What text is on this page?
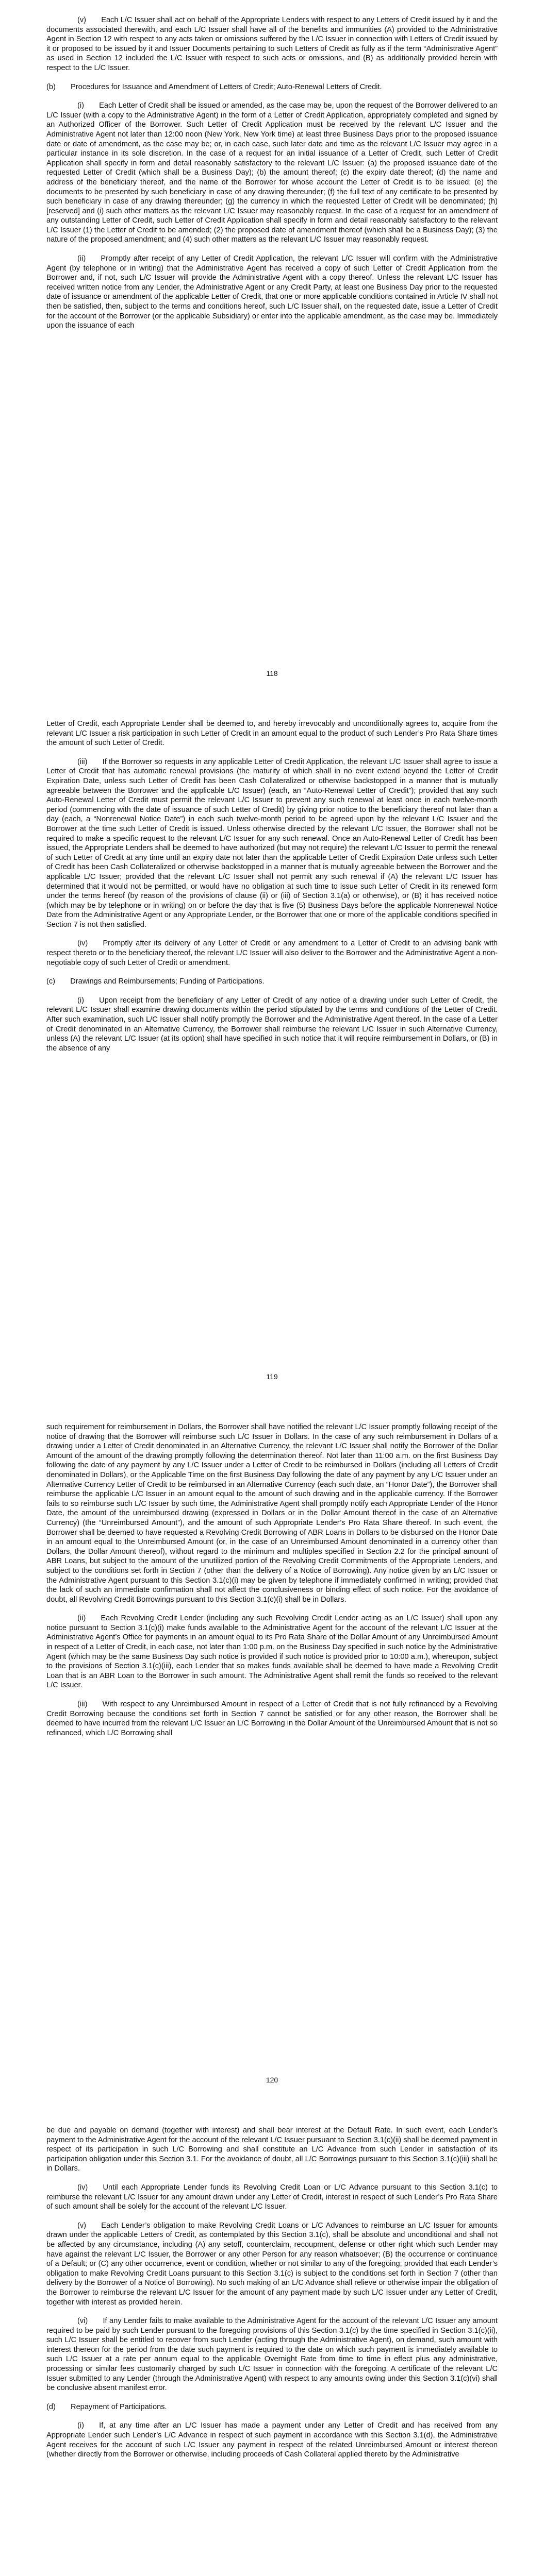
(v)  Each L/C Issuer shall act on behalf of the Appropriate Lenders with respect to any Letters of Credit issued by it and the documents associated therewith, and each L/C Issuer shall have all of the benefits and immunities (A) provided to the Administrative Agent in Section 12 with respect to any acts taken or omissions suffered by the L/C Issuer in connection with Letters of Credit issued by it or proposed to be issued by it and Issuer Documents pertaining to such Letters of Credit as fully as if the term “Administrative Agent” as used in Section 12 included the L/C Issuer with respect to such acts or omissions, and (B) as additionally provided herein with respect to the L/C Issuer.

(b)  Procedures for Issuance and Amendment of Letters of Credit; Auto-Renewal Letters of Credit.

(i)  Each Letter of Credit shall be issued or amended, as the case may be, upon the request of the Borrower delivered to an L/C Issuer (with a copy to the Administrative Agent) in the form of a Letter of Credit Application, appropriately completed and signed by an Authorized Officer of the Borrower. Such Letter of Credit Application must be received by the relevant L/C Issuer and the Administrative Agent not later than 12:00 noon (New York, New York time) at least three Business Days prior to the proposed issuance date or date of amendment, as the case may be; or, in each case, such later date and time as the relevant L/C Issuer may agree in a particular instance in its sole discretion. In the case of a request for an initial issuance of a Letter of Credit, such Letter of Credit Application shall specify in form and detail reasonably satisfactory to the relevant L/C Issuer: (a) the proposed issuance date of the requested Letter of Credit (which shall be a Business Day); (b) the amount thereof; (c) the expiry date thereof; (d) the name and address of the beneficiary thereof, and the name of the Borrower for whose account the Letter of Credit is to be issued; (e) the documents to be presented by such beneficiary in case of any drawing thereunder; (f) the full text of any certificate to be presented by such beneficiary in case of any drawing thereunder; (g) the currency in which the requested Letter of Credit will be denominated; (h) [reserved] and (i) such other matters as the relevant L/C Issuer may reasonably request. In the case of a request for an amendment of any outstanding Letter of Credit, such Letter of Credit Application shall specify in form and detail reasonably satisfactory to the relevant L/C Issuer (1) the Letter of Credit to be amended; (2) the proposed date of amendment thereof (which shall be a Business Day); (3) the nature of the proposed amendment; and (4) such other matters as the relevant L/C Issuer may reasonably request.

(ii)  Promptly after receipt of any Letter of Credit Application, the relevant L/C Issuer will confirm with the Administrative Agent (by telephone or in writing) that the Administrative Agent has received a copy of such Letter of Credit Application from the Borrower and, if not, such L/C Issuer will provide the Administrative Agent with a copy thereof. Unless the relevant L/C Issuer has received written notice from any Lender, the Administrative Agent or any Credit Party, at least one Business Day prior to the requested date of issuance or amendment of the applicable Letter of Credit, that one or more applicable conditions contained in Article IV shall not then be satisfied, then, subject to the terms and conditions hereof, such L/C Issuer shall, on the requested date, issue a Letter of Credit for the account of the Borrower (or the applicable Subsidiary) or enter into the applicable amendment, as the case may be. Immediately upon the issuance of each

118

Letter of Credit, each Appropriate Lender shall be deemed to, and hereby irrevocably and unconditionally agrees to, acquire from the relevant L/C Issuer a risk participation in such Letter of Credit in an amount equal to the product of such Lender’s Pro Rata Share times the amount of such Letter of Credit.

(iii)  If the Borrower so requests in any applicable Letter of Credit Application, the relevant L/C Issuer shall agree to issue a Letter of Credit that has automatic renewal provisions (the maturity of which shall in no event extend beyond the Letter of Credit Expiration Date, unless such Letter of Credit has been Cash Collateralized or otherwise backstopped in a manner that is mutually agreeable between the Borrower and the applicable L/C Issuer) (each, an “Auto-Renewal Letter of Credit”); provided that any such Auto-Renewal Letter of Credit must permit the relevant L/C Issuer to prevent any such renewal at least once in each twelve-month period (commencing with the date of issuance of such Letter of Credit) by giving prior notice to the beneficiary thereof not later than a day (each, a “Nonrenewal Notice Date”) in each such twelve-month period to be agreed upon by the relevant L/C Issuer and the Borrower at the time such Letter of Credit is issued. Unless otherwise directed by the relevant L/C Issuer, the Borrower shall not be required to make a specific request to the relevant L/C Issuer for any such renewal. Once an Auto-Renewal Letter of Credit has been issued, the Appropriate Lenders shall be deemed to have authorized (but may not require) the relevant L/C Issuer to permit the renewal of such Letter of Credit at any time until an expiry date not later than the applicable Letter of Credit Expiration Date unless such Letter of Credit has been Cash Collateralized or otherwise backstopped in a manner that is mutually agreeable between the Borrower and the applicable L/C Issuer; provided that the relevant L/C Issuer shall not permit any such renewal if (A) the relevant L/C Issuer has determined that it would not be permitted, or would have no obligation at such time to issue such Letter of Credit in its renewed form under the terms hereof (by reason of the provisions of clause (ii) or (iii) of Section 3.1(a) or otherwise), or (B) it has received notice (which may be by telephone or in writing) on or before the day that is five (5) Business Days before the applicable Nonrenewal Notice Date from the Administrative Agent or any Appropriate Lender, or the Borrower that one or more of the applicable conditions specified in Section 7 is not then satisfied.

(iv)  Promptly after its delivery of any Letter of Credit or any amendment to a Letter of Credit to an advising bank with respect thereto or to the beneficiary thereof, the relevant L/C Issuer will also deliver to the Borrower and the Administrative Agent a non-negotiable copy of such Letter of Credit or amendment.

(c)  Drawings and Reimbursements; Funding of Participations.

(i)  Upon receipt from the beneficiary of any Letter of Credit of any notice of a drawing under such Letter of Credit, the relevant L/C Issuer shall examine drawing documents within the period stipulated by the terms and conditions of the Letter of Credit. After such examination, such L/C Issuer shall notify promptly the Borrower and the Administrative Agent thereof. In the case of a Letter of Credit denominated in an Alternative Currency, the Borrower shall reimburse the relevant L/C Issuer in such Alternative Currency, unless (A) the relevant L/C Issuer (at its option) shall have specified in such notice that it will require reimbursement in Dollars, or (B) in the absence of any

119

such requirement for reimbursement in Dollars, the Borrower shall have notified the relevant L/C Issuer promptly following receipt of the notice of drawing that the Borrower will reimburse such L/C Issuer in Dollars. In the case of any such reimbursement in Dollars of a drawing under a Letter of Credit denominated in an Alternative Currency, the relevant L/C Issuer shall notify the Borrower of the Dollar Amount of the amount of the drawing promptly following the determination thereof. Not later than 11:00 a.m. on the first Business Day following the date of any payment by any L/C Issuer under a Letter of Credit to be reimbursed in Dollars (including all Letters of Credit denominated in Dollars), or the Applicable Time on the first Business Day following the date of any payment by any L/C Issuer under an Alternative Currency Letter of Credit to be reimbursed in an Alternative Currency (each such date, an “Honor Date”), the Borrower shall reimburse the applicable L/C Issuer in an amount equal to the amount of such drawing and in the applicable currency. If the Borrower fails to so reimburse such L/C Issuer by such time, the Administrative Agent shall promptly notify each Appropriate Lender of the Honor Date, the amount of the unreimbursed drawing (expressed in Dollars or in the Dollar Amount thereof in the case of an Alternative Currency) (the “Unreimbursed Amount”), and the amount of such Appropriate Lender’s Pro Rata Share thereof. In such event, the Borrower shall be deemed to have requested a Revolving Credit Borrowing of ABR Loans in Dollars to be disbursed on the Honor Date in an amount equal to the Unreimbursed Amount (or, in the case of an Unreimbursed Amount denominated in a currency other than Dollars, the Dollar Amount thereof), without regard to the minimum and multiples specified in Section 2.2 for the principal amount of ABR Loans, but subject to the amount of the unutilized portion of the Revolving Credit Commitments of the Appropriate Lenders, and subject to the conditions set forth in Section 7 (other than the delivery of a Notice of Borrowing). Any notice given by an L/C Issuer or the Administrative Agent pursuant to this Section 3.1(c)(i) may be given by telephone if immediately confirmed in writing; provided that the lack of such an immediate confirmation shall not affect the conclusiveness or binding effect of such notice. For the avoidance of doubt, all Revolving Credit Borrowings pursuant to this Section 3.1(c)(i) shall be in Dollars.

(ii)  Each Revolving Credit Lender (including any such Revolving Credit Lender acting as an L/C Issuer) shall upon any notice pursuant to Section 3.1(c)(i) make funds available to the Administrative Agent for the account of the relevant L/C Issuer at the Administrative Agent’s Office for payments in an amount equal to its Pro Rata Share of the Dollar Amount of any Unreimbursed Amount in respect of a Letter of Credit, in each case, not later than 1:00 p.m. on the Business Day specified in such notice by the Administrative Agent (which may be the same Business Day such notice is provided if such notice is provided prior to 10:00 a.m.), whereupon, subject to the provisions of Section 3.1(c)(iii), each Lender that so makes funds available shall be deemed to have made a Revolving Credit Loan that is an ABR Loan to the Borrower in such amount. The Administrative Agent shall remit the funds so received to the relevant L/C Issuer.

(iii)  With respect to any Unreimbursed Amount in respect of a Letter of Credit that is not fully refinanced by a Revolving Credit Borrowing because the conditions set forth in Section 7 cannot be satisfied or for any other reason, the Borrower shall be deemed to have incurred from the relevant L/C Issuer an L/C Borrowing in the Dollar Amount of the Unreimbursed Amount that is not so refinanced, which L/C Borrowing shall

120

be due and payable on demand (together with interest) and shall bear interest at the Default Rate. In such event, each Lender’s payment to the Administrative Agent for the account of the relevant L/C Issuer pursuant to Section 3.1(c)(ii) shall be deemed payment in respect of its participation in such L/C Borrowing and shall constitute an L/C Advance from such Lender in satisfaction of its participation obligation under this Section 3.1. For the avoidance of doubt, all L/C Borrowings pursuant to this Section 3.1(c)(iii) shall be in Dollars.

(iv)  Until each Appropriate Lender funds its Revolving Credit Loan or L/C Advance pursuant to this Section 3.1(c) to reimburse the relevant L/C Issuer for any amount drawn under any Letter of Credit, interest in respect of such Lender’s Pro Rata Share of such amount shall be solely for the account of the relevant L/C Issuer.

(v)  Each Lender’s obligation to make Revolving Credit Loans or L/C Advances to reimburse an L/C Issuer for amounts drawn under the applicable Letters of Credit, as contemplated by this Section 3.1(c), shall be absolute and unconditional and shall not be affected by any circumstance, including (A) any setoff, counterclaim, recoupment, defense or other right which such Lender may have against the relevant L/C Issuer, the Borrower or any other Person for any reason whatsoever; (B) the occurrence or continuance of a Default; or (C) any other occurrence, event or condition, whether or not similar to any of the foregoing; provided that each Lender’s obligation to make Revolving Credit Loans pursuant to this Section 3.1(c) is subject to the conditions set forth in Section 7 (other than delivery by the Borrower of a Notice of Borrowing). No such making of an L/C Advance shall relieve or otherwise impair the obligation of the Borrower to reimburse the relevant L/C Issuer for the amount of any payment made by such L/C Issuer under any Letter of Credit, together with interest as provided herein.

(vi)  If any Lender fails to make available to the Administrative Agent for the account of the relevant L/C Issuer any amount required to be paid by such Lender pursuant to the foregoing provisions of this Section 3.1(c) by the time specified in Section 3.1(c)(ii), such L/C Issuer shall be entitled to recover from such Lender (acting through the Administrative Agent), on demand, such amount with interest thereon for the period from the date such payment is required to the date on which such payment is immediately available to such L/C Issuer at a rate per annum equal to the applicable Overnight Rate from time to time in effect plus any administrative, processing or similar fees customarily charged by such L/C Issuer in connection with the foregoing. A certificate of the relevant L/C Issuer submitted to any Lender (through the Administrative Agent) with respect to any amounts owing under this Section 3.1(c)(vi) shall be conclusive absent manifest error.

(d)  Repayment of Participations.

(i)  If, at any time after an L/C Issuer has made a payment under any Letter of Credit and has received from any Appropriate Lender such Lender’s L/C Advance in respect of such payment in accordance with this Section 3.1(d), the Administrative Agent receives for the account of such L/C Issuer any payment in respect of the related Unreimbursed Amount or interest thereon (whether directly from the Borrower or otherwise, including proceeds of Cash Collateral applied thereto by the Administrative
